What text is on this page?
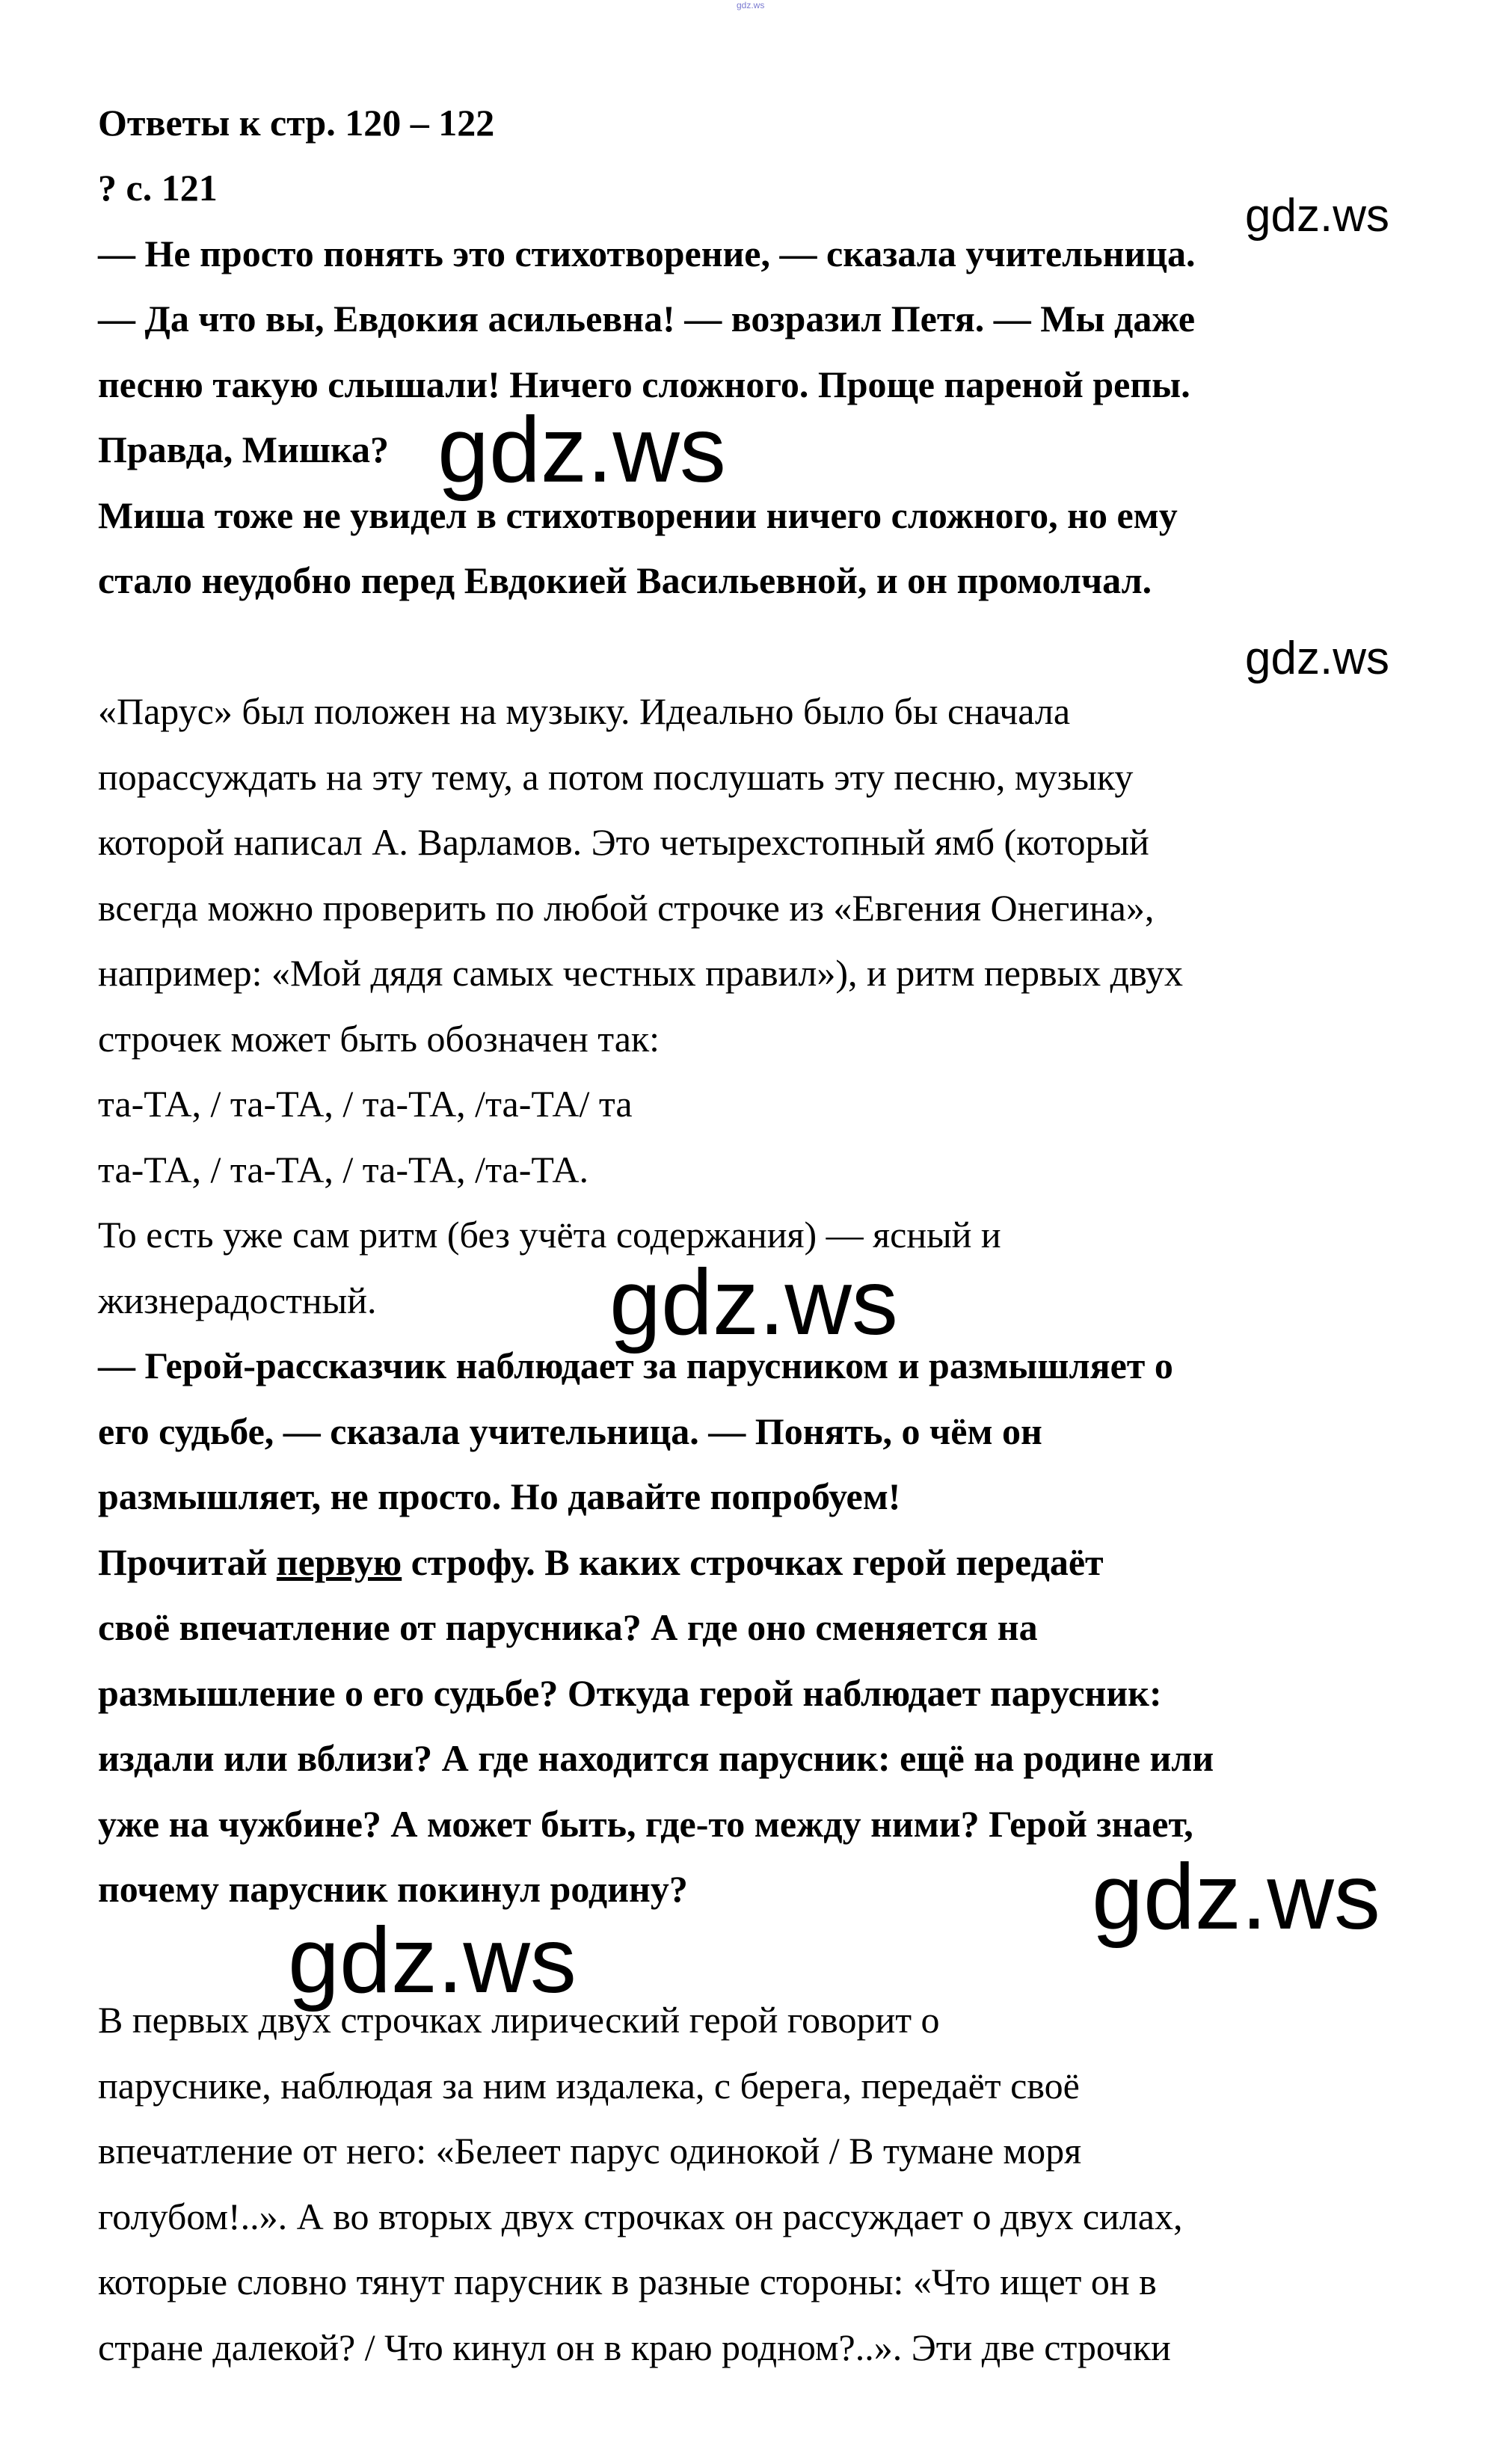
gdz.ws
Ответы к стр. 120 – 122
? с. 121
— Не просто понять это стихотворение, — сказала учительница.
— Да что вы, Евдокия асильевна! — возразил Петя. — Мы даже
песню такую слышали! Ничего сложного. Проще пареной репы.
Правда, Мишка?
Миша тоже не увидел в стихотворении ничего сложного, но ему
стало неудобно перед Евдокией Васильевной, и он промолчал.
«Парус» был положен на музыку. Идеально было бы сначала
порассуждать на эту тему, а потом послушать эту песню, музыку
которой написал А. Варламов. Это четырехстопный ямб (который
всегда можно проверить по любой строчке из «Евгения Онегина»,
например: «Мой дядя самых честных правил»), и ритм первых двух
строчек может быть обозначен так:
та-ТА, / та-ТА, / та-ТА, /та-ТА/ та
та-ТА, / та-ТА, / та-ТА, /та-ТА.
То есть уже сам ритм (без учёта содержания) — ясный и
жизнерадостный.
— Герой-рассказчик наблюдает за парусником и размышляет о
его судьбе, — сказала учительница. — Понять, о чём он
размышляет, не просто. Но давайте попробуем!
Прочитай первую строфу. В каких строчках герой передаёт
своё впечатление от парусника? А где оно сменяется на
размышление о его судьбе? Откуда герой наблюдает парусник:
издали или вблизи? А где находится парусник: ещё на родине или
уже на чужбине? А может быть, где-то между ними? Герой знает,
почему парусник покинул родину?
В первых двух строчках лирический герой говорит о
паруснике, наблюдая за ним издалека, с берега, передаёт своё
впечатление от него: «Белеет парус одинокой / В тумане моря
голубом!..». А во вторых двух строчках он рассуждает о двух силах,
которые словно тянут парусник в разные стороны: «Что ищет он в
стране далекой? / Что кинул он в краю родном?..». Эти две строчки
gdz.ws
gdz.ws
gdz.ws
gdz.ws
gdz.ws
gdz.ws
